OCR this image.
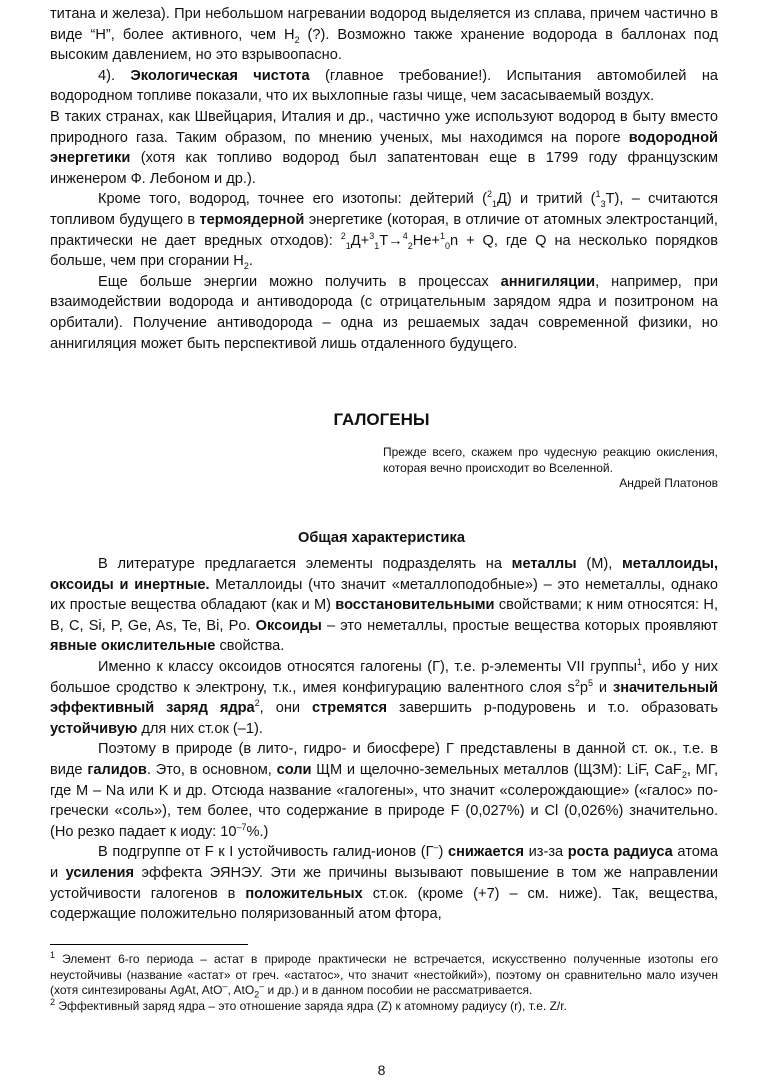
титана и железа). При небольшом нагревании водород выделяется из сплава, причем частично в виде “Н”, более активного, чем $Н_2$ (?). Возможно также хранение водорода в баллонах под высоким давлением, но это взрывоопасно.

4). Экологическая чистота (главное требование!). Испытания автомобилей на водородном топливе показали, что их выхлопные газы чище, чем засасываемый воздух.

В таких странах, как Швейцария, Италия и др., частично уже используют водород в быту вместо природного газа. Таким образом, по мнению ученых, мы находимся на пороге водородной энергетики (хотя как топливо водород был запатентован еще в 1799 году французским инженером Ф. Лебоном и др.).

Кроме того, водород, точнее его изотопы: дейтерий ($^2_1$Д) и тритий ($^1_3$Т), – считаются топливом будущего в термоядерной энергетике (которая, в отличие от атомных электростанций, практически не дает вредных отходов): $^2_1$Д+$^3_1$Т→$^4_2$He+$^1_0$n + Q, где Q на несколько порядков больше, чем при сгорании $Н_2$.

Еще больше энергии можно получить в процессах аннигиляции, например, при взаимодействии водорода и антиводорода (с отрицательным зарядом ядра и позитроном на орбитали). Получение антиводорода – одна из решаемых задач современной физики, но аннигиляция может быть перспективой лишь отдаленного будущего.

ГАЛОГЕНЫ
Прежде всего, скажем про чудесную реакцию окисления, которая вечно происходит во Вселенной.
Андрей Платонов
Общая характеристика

В литературе предлагается элементы подразделять на металлы (М), металлоиды, оксоиды и инертные. Металлоиды (что значит «металлоподобные») – это неметаллы, однако их простые вещества обладают (как и М) восстановительными свойствами; к ним относятся: H, B, C, Si, P, Ge, As, Te, Bi, Po. Оксоиды – это неметаллы, простые вещества которых проявляют явные окислительные свойства.

Именно к классу оксоидов относятся галогены (Г), т.е. р-элементы VII группы$^1$, ибо у них большое сродство к электрону, т.к., имея конфигурацию валентного слоя $s^2p^5$ и значительный эффективный заряд ядра$^2$, они стремятся завершить р-подуровень и т.о. образовать устойчивую для них ст.ок (–1).

Поэтому в природе (в лито-, гидро- и биосфере) Г представлены в данной ст. ок., т.е. в виде галидов. Это, в основном, соли ЩМ и щелочно-земельных металлов (ЩЗМ): LiF, CaF$_2$, МГ, где М – Na или K и др. Отсюда название «галогены», что значит «солерождающие» («галос» по-гречески «соль»), тем более, что содержание в природе F (0,027%) и Cl (0,026%) значительно. (Но резко падает к иоду: $10^{-7}\%$.)

В подгруппе от F к I устойчивость галид-ионов (Г–) снижается из-за роста радиуса атома и усиления эффекта ЭЯНЭУ. Эти же причины вызывают повышение в том же направлении устойчивости галогенов в положительных ст.ок. (кроме (+7) – см. ниже). Так, вещества, содержащие положительно поляризованный атом фтора,

$^1$ Элемент 6-го периода – астат в природе практически не встречается, искусственно полученные изотопы его неустойчивы (название «астат» от греч. «астатос», что значит «нестойкий»), поэтому он сравнительно мало изучен (хотя синтезированы AgAt, AtO–, AtO$_2$– и др.) и в данном пособии не рассматривается.

$^2$ Эффективный заряд ядра – это отношение заряда ядра (Z) к атомному радиусу (r), т.е. Z/r.

8
